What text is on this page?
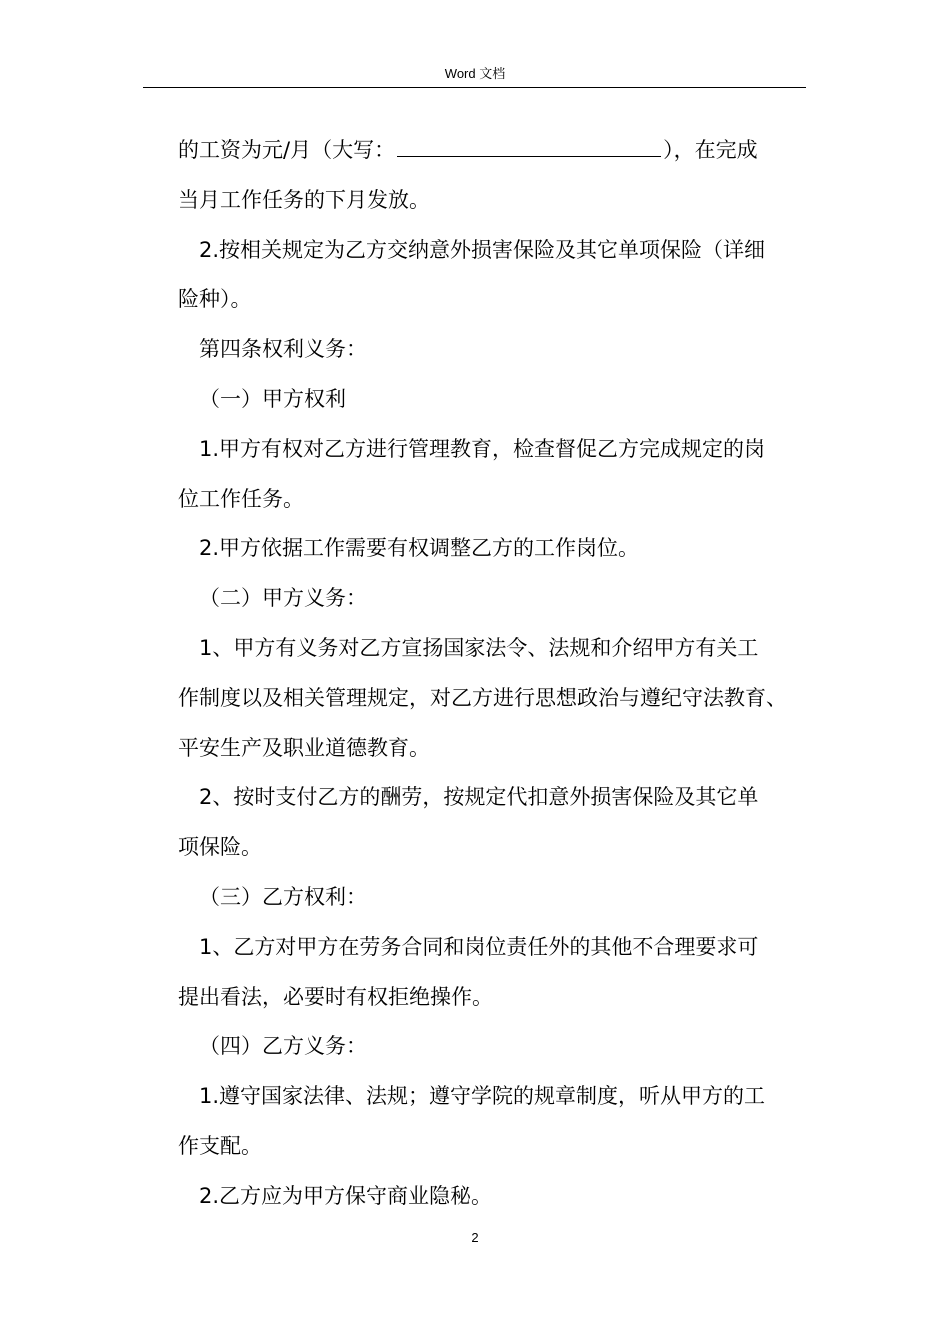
Word 文档
的工资为元/月（大写：	），在完成
当月工作任务的下月发放。
2.按相关规定为乙方交纳意外损害保险及其它单项保险（详细
险种）。
第四条权利义务：
（一）甲方权利
1.甲方有权对乙方进行管理教育，检查督促乙方完成规定的岗
位工作任务。
2.甲方依据工作需要有权调整乙方的工作岗位。
（二）甲方义务：
1、甲方有义务对乙方宣扬国家法令、法规和介绍甲方有关工
作制度以及相关管理规定，对乙方进行思想政治与遵纪守法教育、
平安生产及职业道德教育。
2、按时支付乙方的酬劳，按规定代扣意外损害保险及其它单
项保险。
（三）乙方权利：
1、乙方对甲方在劳务合同和岗位责任外的其他不合理要求可
提出看法，必要时有权拒绝操作。
（四）乙方义务：
1.遵守国家法律、法规；遵守学院的规章制度，听从甲方的工
作支配。
2.乙方应为甲方保守商业隐秘。
2
